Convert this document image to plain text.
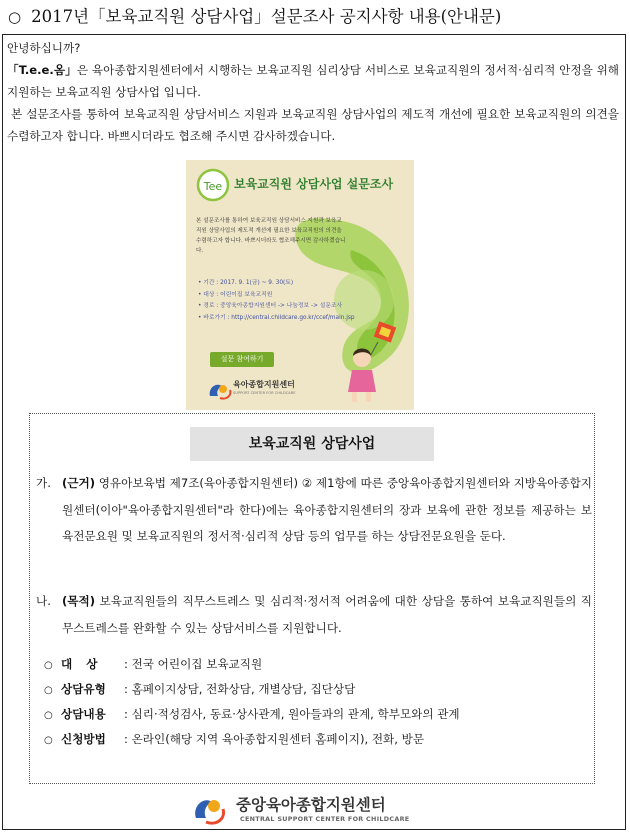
○ 2017년「보육교직원 상담사업」설문조사 공지사항 내용(안내문)

안녕하십니까?

「T.e.e.옴」은 육아종합지원센터에서 시행하는 보육교직원 심리상담 서비스로 보육교직원의 정서적·심리적 안정을 위해 지원하는 보육교직원 상담사업 입니다.

본 설문조사를 통하여 보육교직원 상담서비스 지원과 보육교직원 상담사업의 제도적 개선에 필요한 보육교직원의 의견을 수렴하고자 합니다. 바쁘시더라도 협조해 주시면 감사하겠습니다.

Tee 보육교직원 상담사업 설문조사
본 설문조사를 통하여 보육교직원 상담서비스 지원과 보육교직원 상담사업의 제도적 개선에 필요한 보육교직원의 의견을 수렴하고자 합니다. 바쁘시더라도 협조해주시면 감사하겠습니다.
• 기간 : 2017. 9. 1(금) ~ 9. 30(토)
• 대상 : 어린이집 보육교직원
• 경로 : 중앙육아종합지원센터 -> 나눔정보 -> 설문조사
• 바로가기 : http://central.childcare.go.kr/ccef/main.jsp
설문 참여하기
육아종합지원센터
SUPPORT CENTER FOR CHILDCARE
보육교직원 상담사업
가. (근거) 영유아보육법 제7조(육아종합지원센터) ② 제1항에 따른 중앙육아종합지원센터와 지방육아종합지원센터(이아"육아종합지원센터"라 한다)에는 육아종합지원센터의 장과 보육에 관한 정보를 제공하는 보육전문요원 및 보육교직원의 정서적·심리적 상담 등의 업무를 하는 상담전문요원을 둔다.
나. (목적) 보육교직원들의 직무스트레스 및 심리적·정서적 어려움에 대한 상담을 통하여 보육교직원들의 직무스트레스를 완화할 수 있는 상담서비스를 지원합니다.
○ 대상 : 전국 어린이집 보육교직원
○ 상담유형 : 홈페이지상담, 전화상담, 개별상담, 집단상담
○ 상담내용 : 심리·적성검사, 동료·상사관계, 원아들과의 관계, 학부모와의 관계
○ 신청방법 : 온라인(해당 지역 육아종합지원센터 홈페이지), 전화, 방문
중앙육아종합지원센터
CENTRAL SUPPORT CENTER FOR CHILDCARE
